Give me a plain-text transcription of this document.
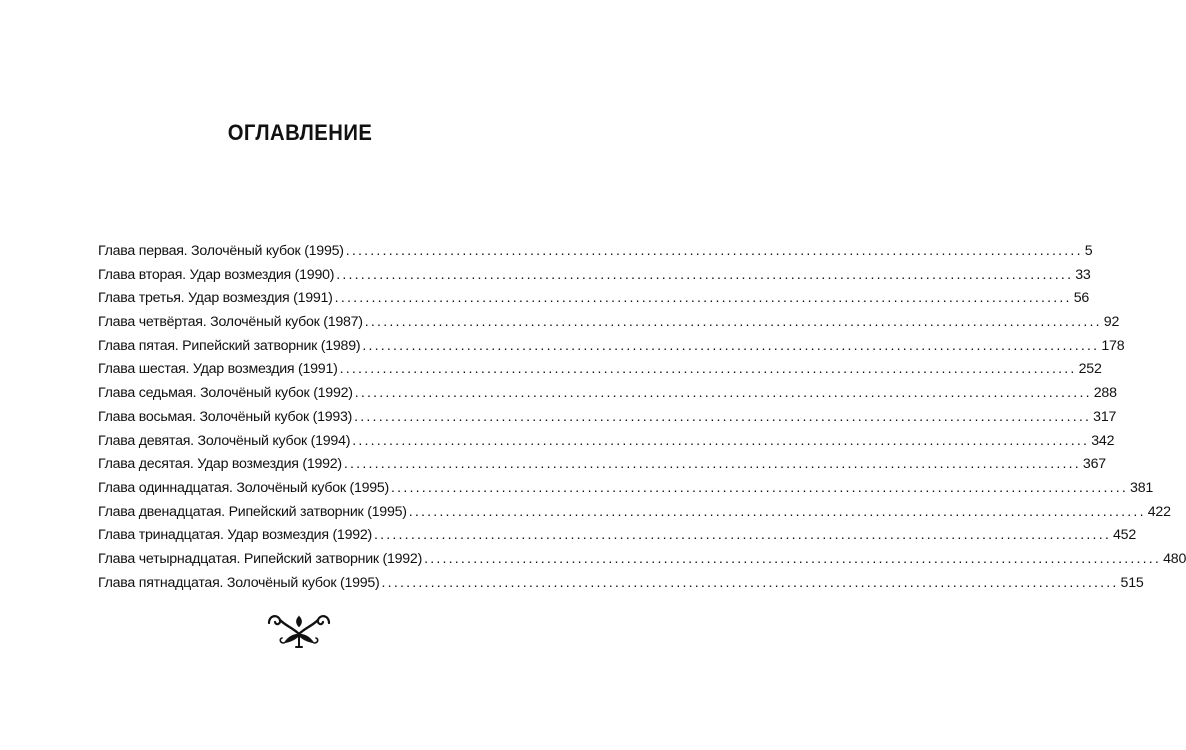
ОГЛАВЛЕНИЕ
Глава первая. Золочёный кубок (1995) ........................................................................................................................ 5
Глава вторая. Удар возмездия (1990) ........................................................................................................................ 33
Глава третья. Удар возмездия (1991) ........................................................................................................................ 56
Глава четвёртая. Золочёный кубок (1987) ........................................................................................................................ 92
Глава пятая. Рипейский затворник (1989) ........................................................................................................................ 178
Глава шестая. Удар возмездия (1991) ........................................................................................................................ 252
Глава седьмая. Золочёный кубок (1992) ........................................................................................................................ 288
Глава восьмая. Золочёный кубок (1993) ........................................................................................................................ 317
Глава девятая. Золочёный кубок (1994) ........................................................................................................................ 342
Глава десятая. Удар возмездия (1992) ........................................................................................................................ 367
Глава одиннадцатая. Золочёный кубок (1995) ........................................................................................................................ 381
Глава двенадцатая. Рипейский затворник (1995) ........................................................................................................................ 422
Глава тринадцатая. Удар возмездия (1992) ........................................................................................................................ 452
Глава четырнадцатая. Рипейский затворник (1992) ........................................................................................................................ 480
Глава пятнадцатая. Золочёный кубок (1995) ........................................................................................................................ 515
